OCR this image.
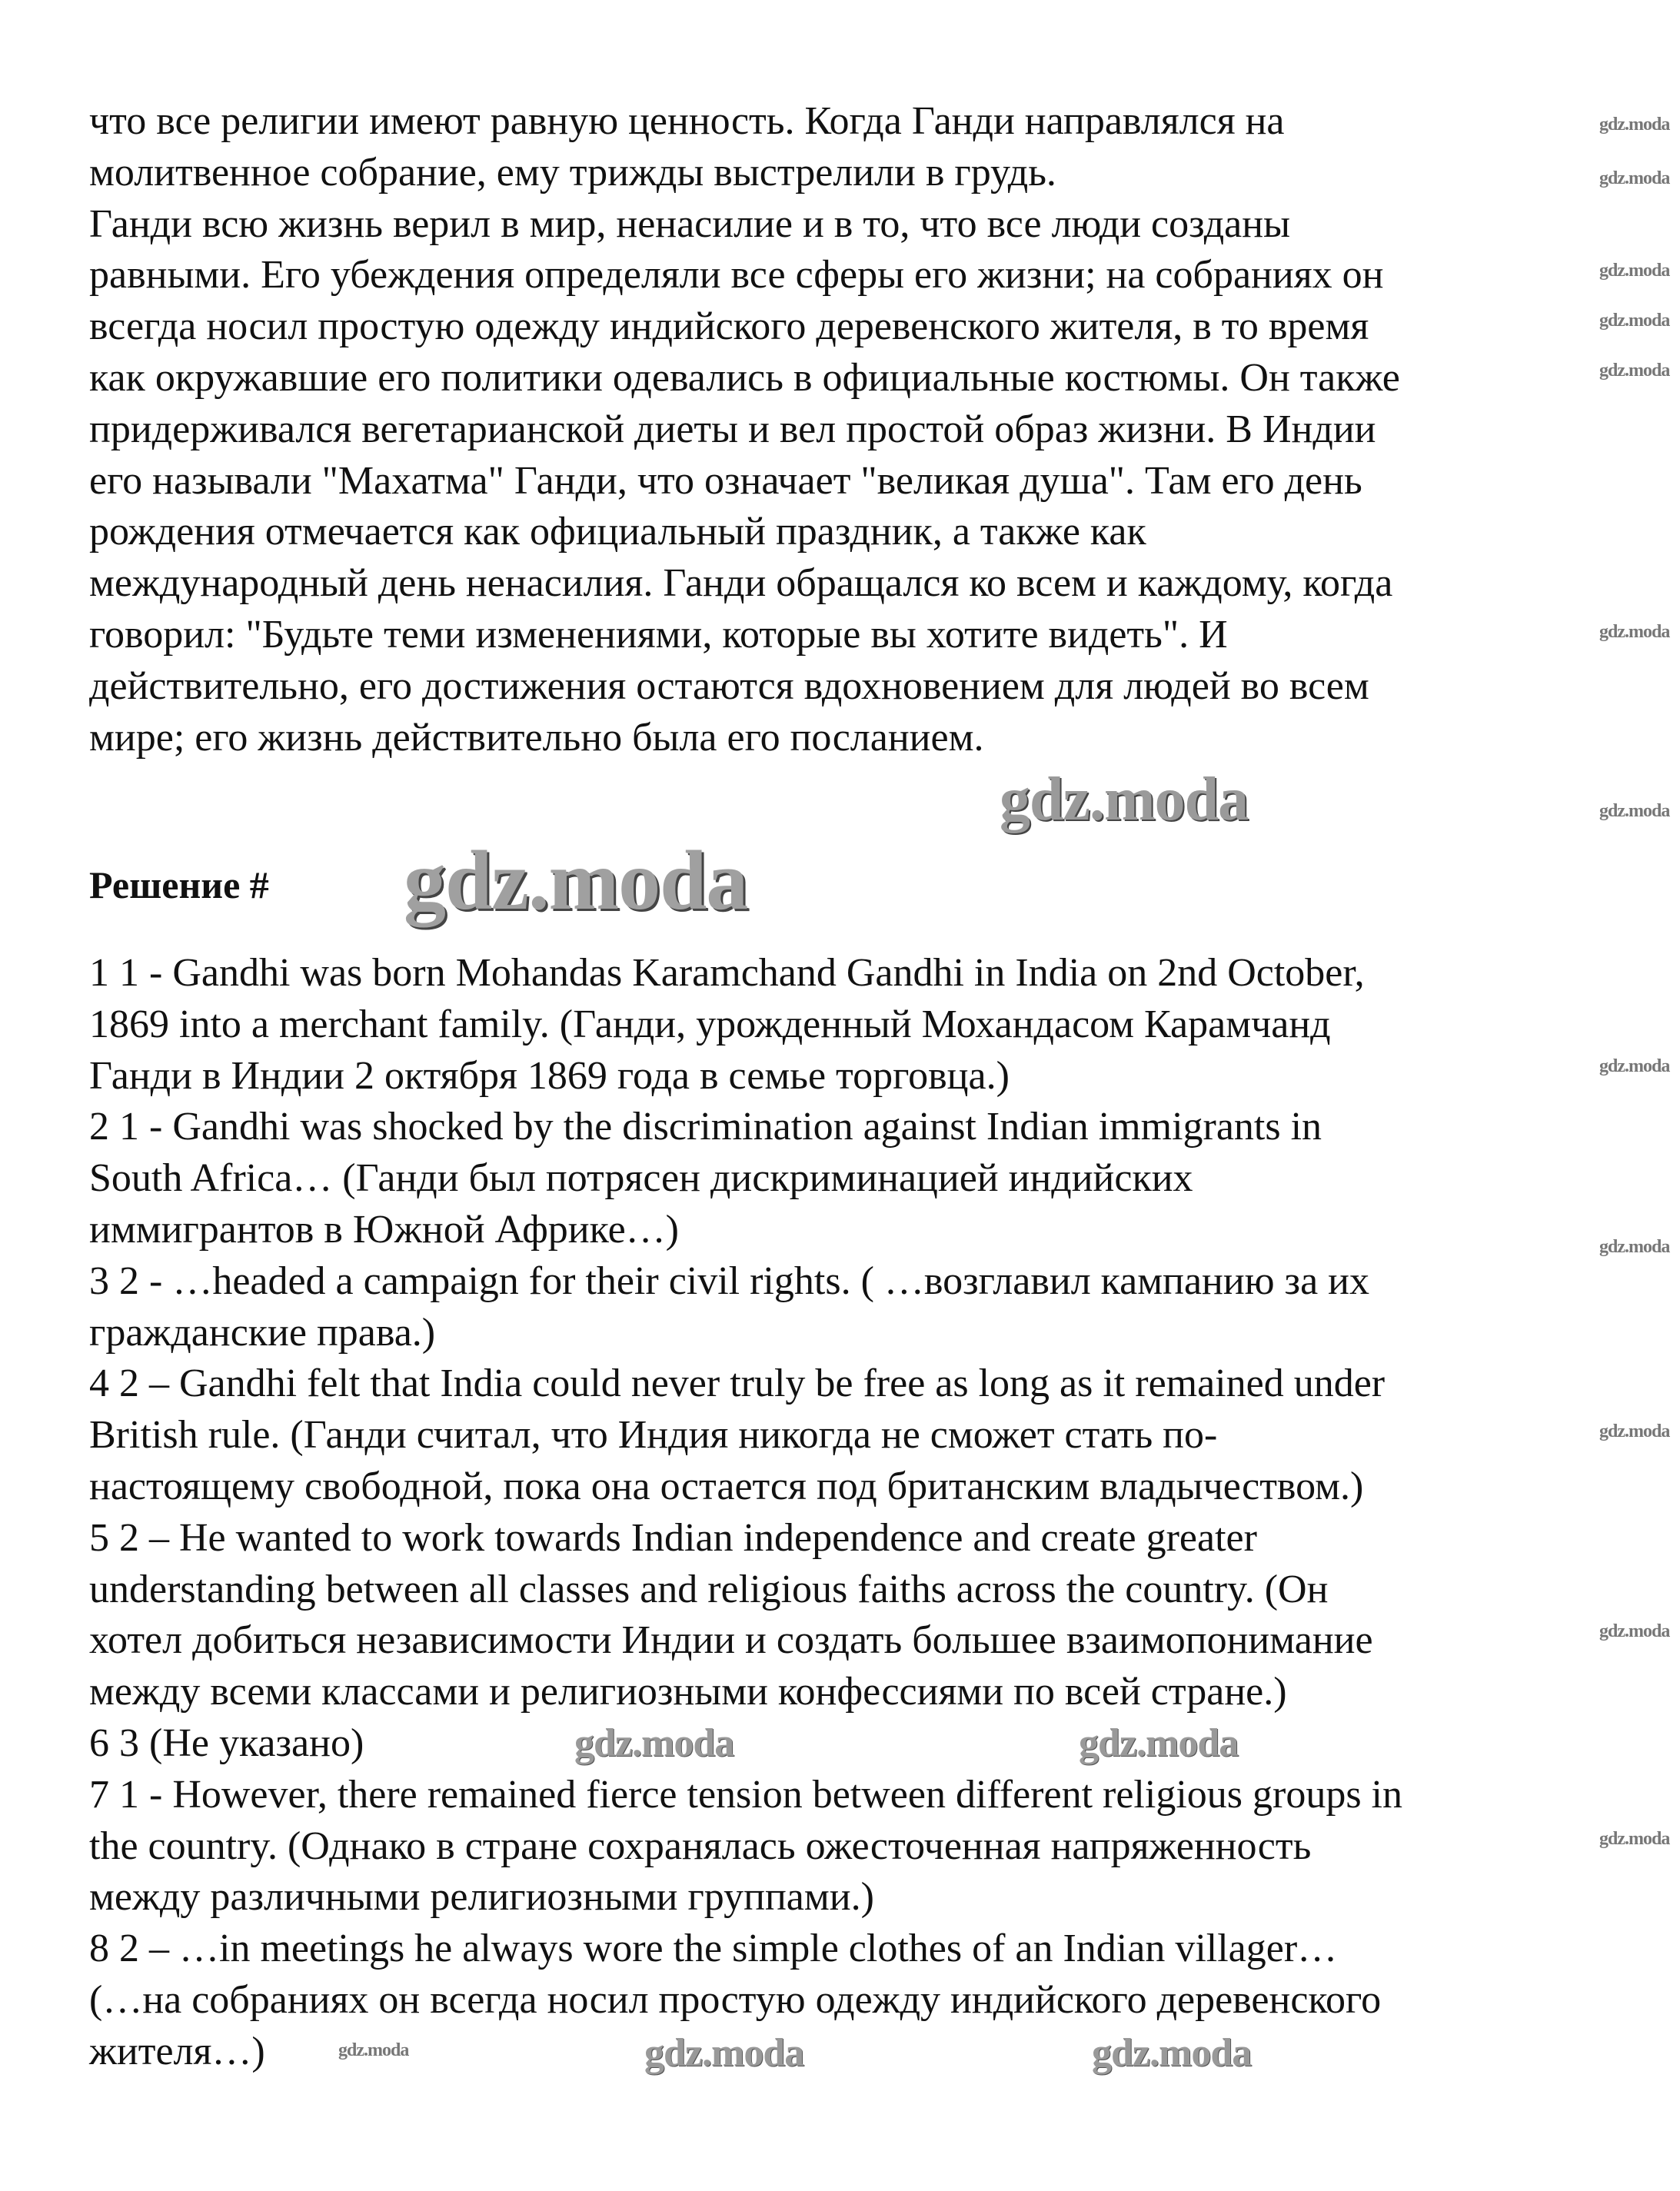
что все религии имеют равную ценность. Когда Ганди направлялся на
молитвенное собрание, ему трижды выстрелили в грудь.
Ганди всю жизнь верил в мир, ненасилие и в то, что все люди созданы
равными. Его убеждения определяли все сферы его жизни; на собраниях он
всегда носил простую одежду индийского деревенского жителя, в то время
как окружавшие его политики одевались в официальные костюмы. Он также
придерживался вегетарианской диеты и вел простой образ жизни. В Индии
его называли "Махатма" Ганди, что означает "великая душа". Там его день
рождения отмечается как официальный праздник, а также как
международный день ненасилия. Ганди обращался ко всем и каждому, когда
говорил: "Будьте теми изменениями, которые вы хотите видеть". И
действительно, его достижения остаются вдохновением для людей во всем
мире; его жизнь действительно была его посланием.
Решение #
1 1 - Gandhi was born Mohandas Karamchand Gandhi in India on 2nd October,
1869 into a merchant family. (Ганди, урожденный Мохандасом Карамчанд
Ганди в Индии 2 октября 1869 года в семье торговца.)
2 1 - Gandhi was shocked by the discrimination against Indian immigrants in
South Africa… (Ганди был потрясен дискриминацией индийских
иммигрантов в Южной Африке…)
3 2 - …headed a campaign for their civil rights. ( …возглавил кампанию за их
гражданские права.)
4 2 – Gandhi felt that India could never truly be free as long as it remained under
British rule. (Ганди считал, что Индия никогда не сможет стать по-
настоящему свободной, пока она остается под британским владычеством.)
5 2 – He wanted to work towards Indian independence and create greater
understanding between all classes and religious faiths across the country. (Он
хотел добиться независимости Индии и создать большее взаимопонимание
между всеми классами и религиозными конфессиями по всей стране.)
6 3 (Не указано)
7 1 - However, there remained fierce tension between different religious groups in
the country. (Однако в стране сохранялась ожесточенная напряженность
между различными религиозными группами.)
8 2 – …in meetings he always wore the simple clothes of an Indian villager…
(…на собраниях он всегда носил простую одежду индийского деревенского
жителя…)
gdz.moda
gdz.moda
gdz.moda
gdz.moda
gdz.moda
gdz.moda
gdz.moda
gdz.moda
gdz.moda
gdz.moda
gdz.moda
gdz.moda
gdz.moda
gdz.moda	gdz.moda
gdz.moda
gdz.moda	gdz.moda	gdz.moda
